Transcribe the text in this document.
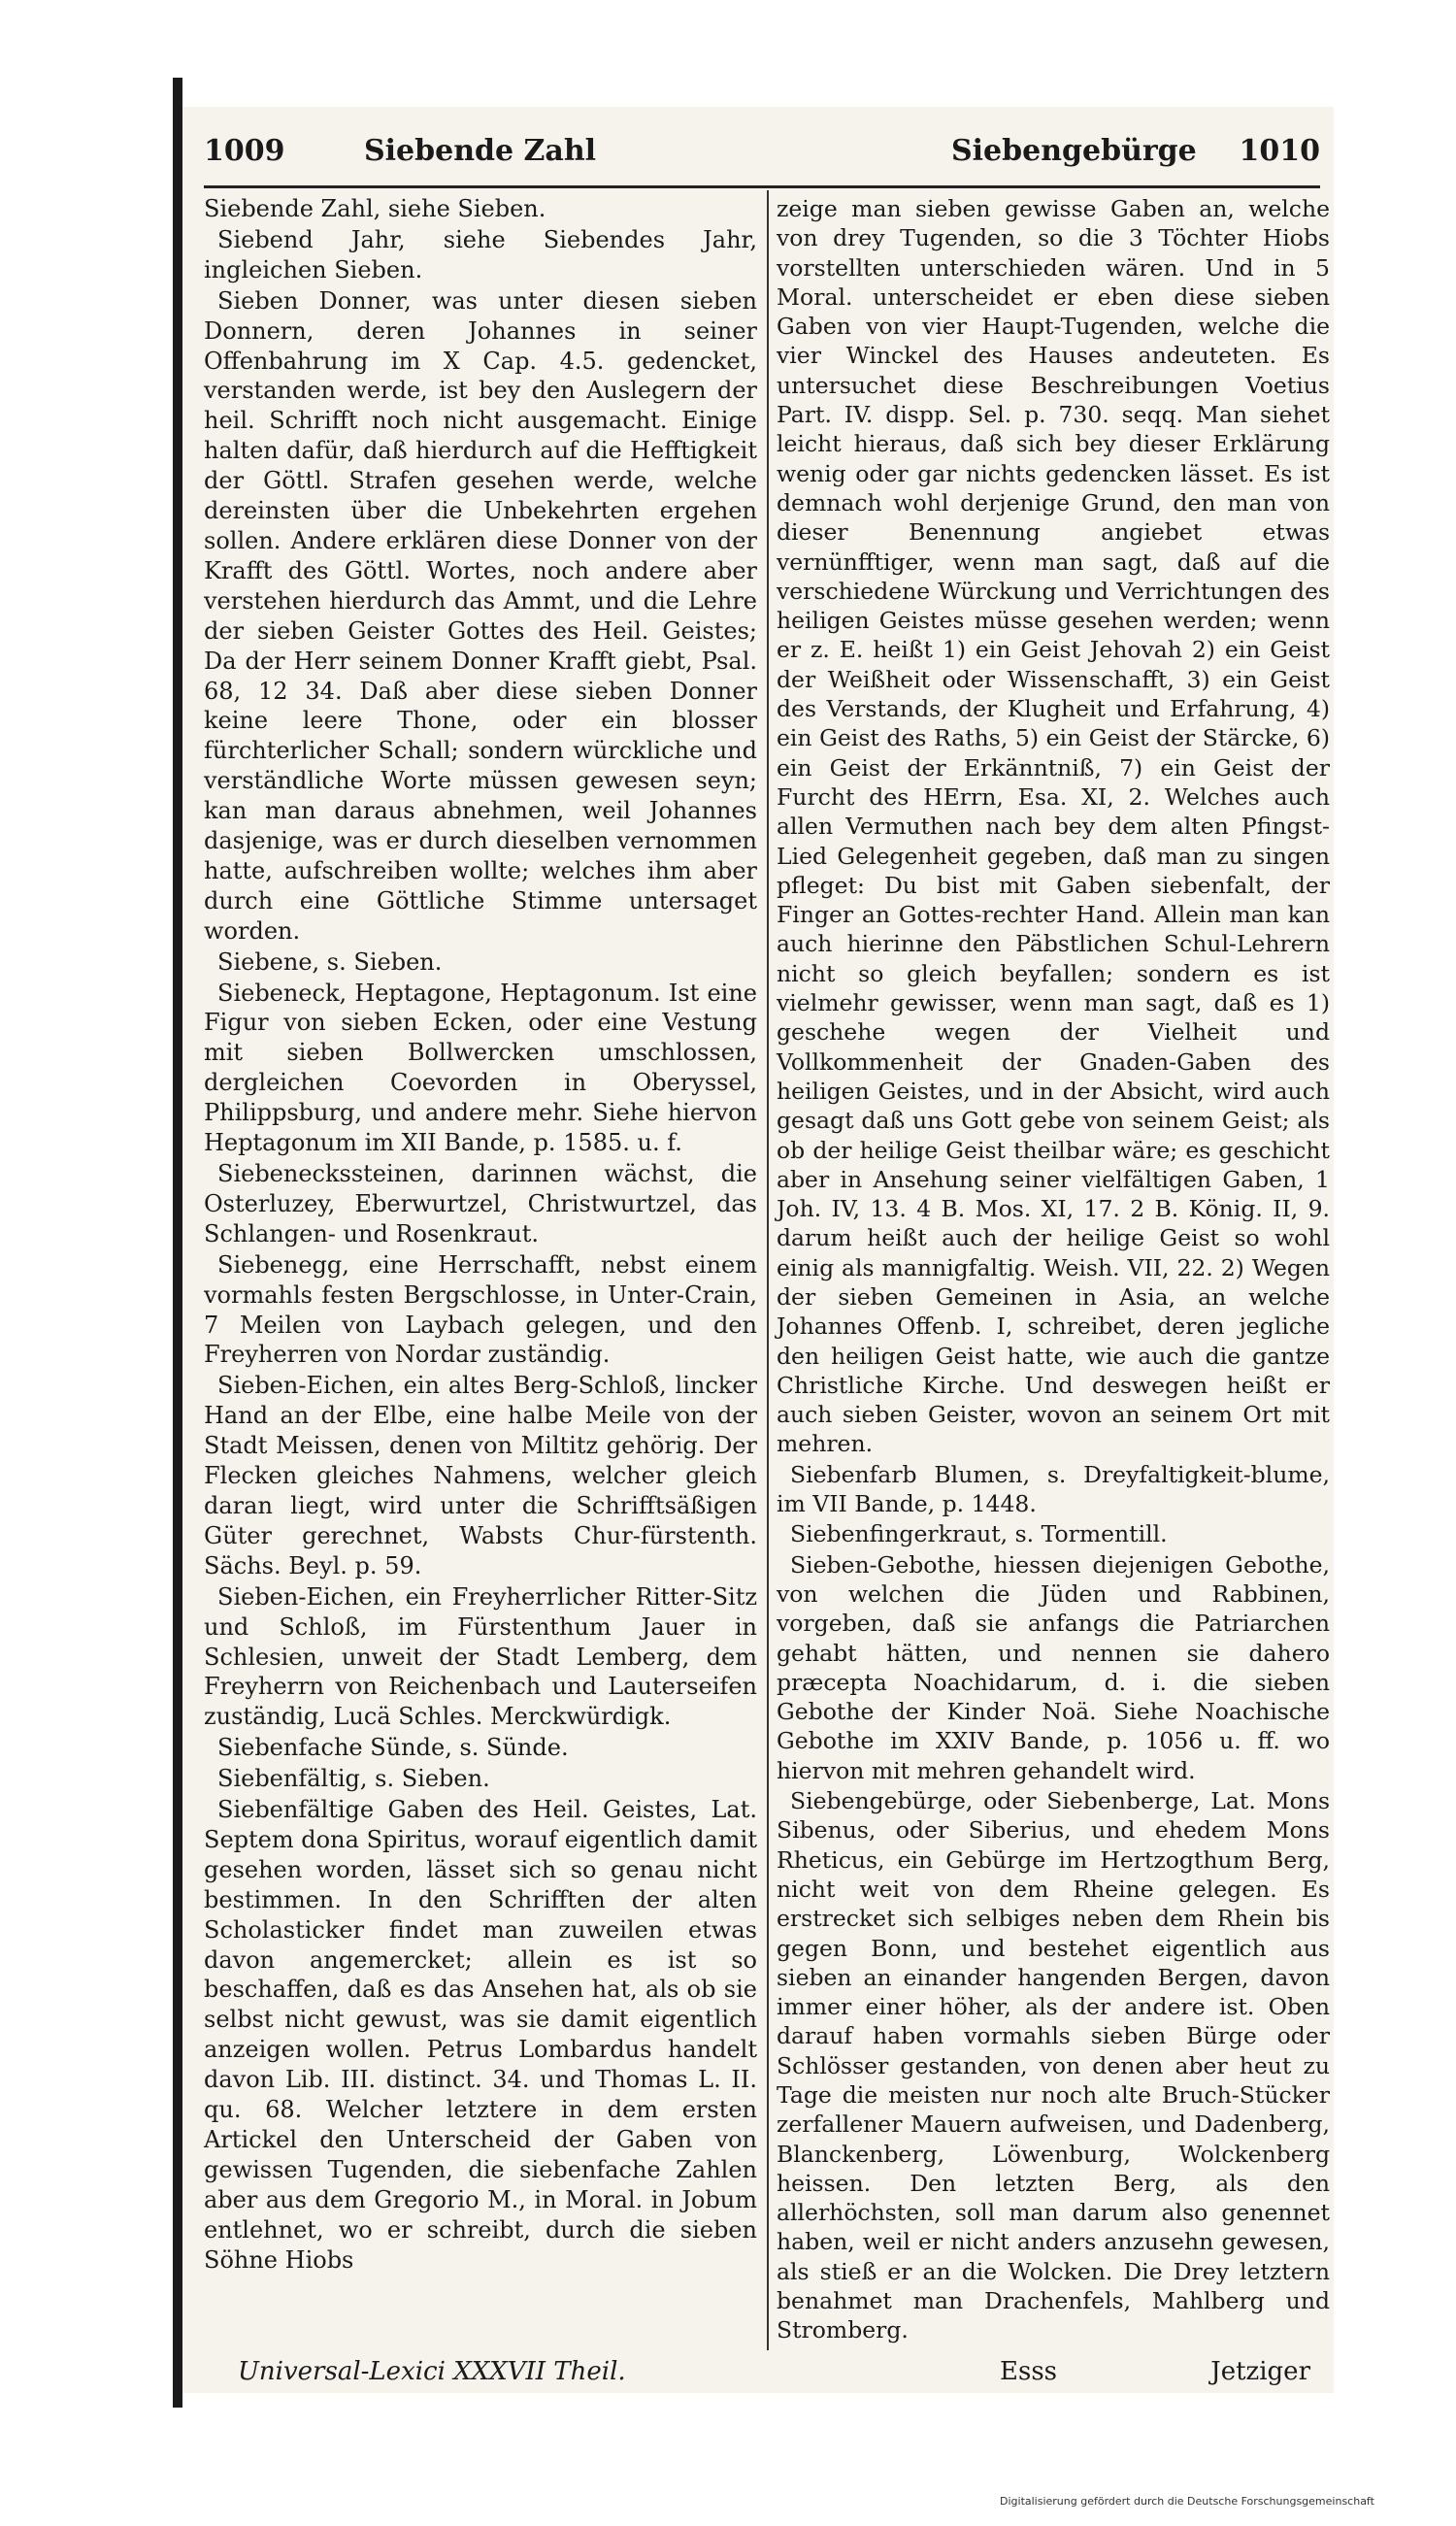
1009	Siebende Zahl	Siebengebürge 1010

Siebende Zahl, siehe Sieben.

Siebend Jahr, siehe Siebendes Jahr, ingleichen Sieben.

Sieben Donner, was unter diesen sieben Donnern, deren Johannes in seiner Offenbahrung im X Cap. 4.5. gedencket, verstanden werde, ist bey den Auslegern der heil. Schrifft noch nicht ausgemacht. Einige halten dafür, daß hierdurch auf die Hefftigkeit der Göttl. Strafen gesehen werde, welche dereinsten über die Unbekehrten ergehen sollen. Andere erklären diese Donner von der Krafft des Göttl. Wortes, noch andere aber verstehen hierdurch das Ammt, und die Lehre der sieben Geister Gottes des Heil. Geistes; Da der Herr seinem Donner Krafft giebt, Psal. 68, 12 34. Daß aber diese sieben Donner keine leere Thone, oder ein blosser fürchterlicher Schall; sondern würckliche und verständliche Worte müssen gewesen seyn; kan man daraus abnehmen, weil Johannes dasjenige, was er durch dieselben vernommen hatte, aufschreiben wollte; welches ihm aber durch eine Göttliche Stimme untersaget worden.

Siebene, s. Sieben.

Siebeneck, Heptagone, Heptagonum. Ist eine Figur von sieben Ecken, oder eine Vestung mit sieben Bollwercken umschlossen, dergleichen Coevorden in Oberyssel, Philippsburg, und andere mehr. Siehe hiervon Heptagonum im XII Bande, p. 1585. u. f.

Siebeneckssteinen, darinnen wächst, die Osterluzey, Eberwurtzel, Christwurtzel, das Schlangen- und Rosenkraut.

Siebenegg, eine Herrschafft, nebst einem vormahls festen Bergschlosse, in Unter-Crain, 7 Meilen von Laybach gelegen, und den Freyherren von Nordar zuständig.

Sieben-Eichen, ein altes Berg-Schloß, lincker Hand an der Elbe, eine halbe Meile von der Stadt Meissen, denen von Miltitz gehörig. Der Flecken gleiches Nahmens, welcher gleich daran liegt, wird unter die Schrifftsäßigen Güter gerechnet, Wabsts Chur-fürstenth. Sächs. Beyl. p. 59.

Sieben-Eichen, ein Freyherrlicher Ritter-Sitz und Schloß, im Fürstenthum Jauer in Schlesien, unweit der Stadt Lemberg, dem Freyherrn von Reichenbach und Lauterseifen zuständig, Lucä Schles. Merckwürdigk.

Siebenfache Sünde, s. Sünde.

Siebenfältig, s. Sieben.

Siebenfältige Gaben des Heil. Geistes, Lat. Septem dona Spiritus, worauf eigentlich damit gesehen worden, lässet sich so genau nicht bestimmen. In den Schrifften der alten Scholasticker findet man zuweilen etwas davon angemercket; allein es ist so beschaffen, daß es das Ansehen hat, als ob sie selbst nicht gewust, was sie damit eigentlich anzeigen wollen. Petrus Lombardus handelt davon Lib. III. distinct. 34. und Thomas L. II. qu. 68. Welcher letztere in dem ersten Artickel den Unterscheid der Gaben von gewissen Tugenden, die siebenfache Zahlen aber aus dem Gregorio M., in Moral. in Jobum entlehnet, wo er schreibt, durch die sieben Söhne Hiobs

zeige man sieben gewisse Gaben an, welche von drey Tugenden, so die 3 Töchter Hiobs vorstellten unterschieden wären. Und in 5 Moral. unterscheidet er eben diese sieben Gaben von vier Haupt-Tugenden, welche die vier Winckel des Hauses andeuteten. Es untersuchet diese Beschreibungen Voetius Part. IV. dispp. Sel. p. 730. seqq. Man siehet leicht hieraus, daß sich bey dieser Erklärung wenig oder gar nichts gedencken lässet. Es ist demnach wohl derjenige Grund, den man von dieser Benennung angiebet etwas vernünfftiger, wenn man sagt, daß auf die verschiedene Würckung und Verrichtungen des heiligen Geistes müsse gesehen werden; wenn er z. E. heißt 1) ein Geist Jehovah 2) ein Geist der Weißheit oder Wissenschafft, 3) ein Geist des Verstands, der Klugheit und Erfahrung, 4) ein Geist des Raths, 5) ein Geist der Stärcke, 6) ein Geist der Erkänntniß, 7) ein Geist der Furcht des HErrn, Esa. XI, 2. Welches auch allen Vermuthen nach bey dem alten Pfingst-Lied Gelegenheit gegeben, daß man zu singen pfleget: Du bist mit Gaben siebenfalt, der Finger an Gottes-rechter Hand. Allein man kan auch hierinne den Päbstlichen Schul-Lehrern nicht so gleich beyfallen; sondern es ist vielmehr gewisser, wenn man sagt, daß es 1) geschehe wegen der Vielheit und Vollkommenheit der Gnaden-Gaben des heiligen Geistes, und in der Absicht, wird auch gesagt daß uns Gott gebe von seinem Geist; als ob der heilige Geist theilbar wäre; es geschicht aber in Ansehung seiner vielfältigen Gaben, 1 Joh. IV, 13. 4 B. Mos. XI, 17. 2 B. König. II, 9. darum heißt auch der heilige Geist so wohl einig als mannigfaltig. Weish. VII, 22. 2) Wegen der sieben Gemeinen in Asia, an welche Johannes Offenb. I, schreibet, deren jegliche den heiligen Geist hatte, wie auch die gantze Christliche Kirche. Und deswegen heißt er auch sieben Geister, wovon an seinem Ort mit mehren.

Siebenfarb Blumen, s. Dreyfaltigkeit-blume, im VII Bande, p. 1448.

Siebenfingerkraut, s. Tormentill.

Sieben-Gebothe, hiessen diejenigen Gebothe, von welchen die Jüden und Rabbinen, vorgeben, daß sie anfangs die Patriarchen gehabt hätten, und nennen sie dahero præcepta Noachidarum, d. i. die sieben Gebothe der Kinder Noä. Siehe Noachische Gebothe im XXIV Bande, p. 1056 u. ff. wo hiervon mit mehren gehandelt wird.

Siebengebürge, oder Siebenberge, Lat. Mons Sibenus, oder Siberius, und ehedem Mons Rheticus, ein Gebürge im Hertzogthum Berg, nicht weit von dem Rheine gelegen. Es erstrecket sich selbiges neben dem Rhein bis gegen Bonn, und bestehet eigentlich aus sieben an einander hangenden Bergen, davon immer einer höher, als der andere ist. Oben darauf haben vormahls sieben Bürge oder Schlösser gestanden, von denen aber heut zu Tage die meisten nur noch alte Bruch-Stücker zerfallener Mauern aufweisen, und Dadenberg, Blanckenberg, Löwenburg, Wolckenberg heissen. Den letzten Berg, als den allerhöchsten, soll man darum also genennet haben, weil er nicht anders anzusehn gewesen, als stieß er an die Wolcken. Die Drey letztern benahmet man Drachenfels, Mahlberg und Stromberg.

Universal-Lexici XXXVII Theil.	Esss	Jetziger
Digitalisierung gefördert durch die Deutsche Forschungsgemeinschaft
